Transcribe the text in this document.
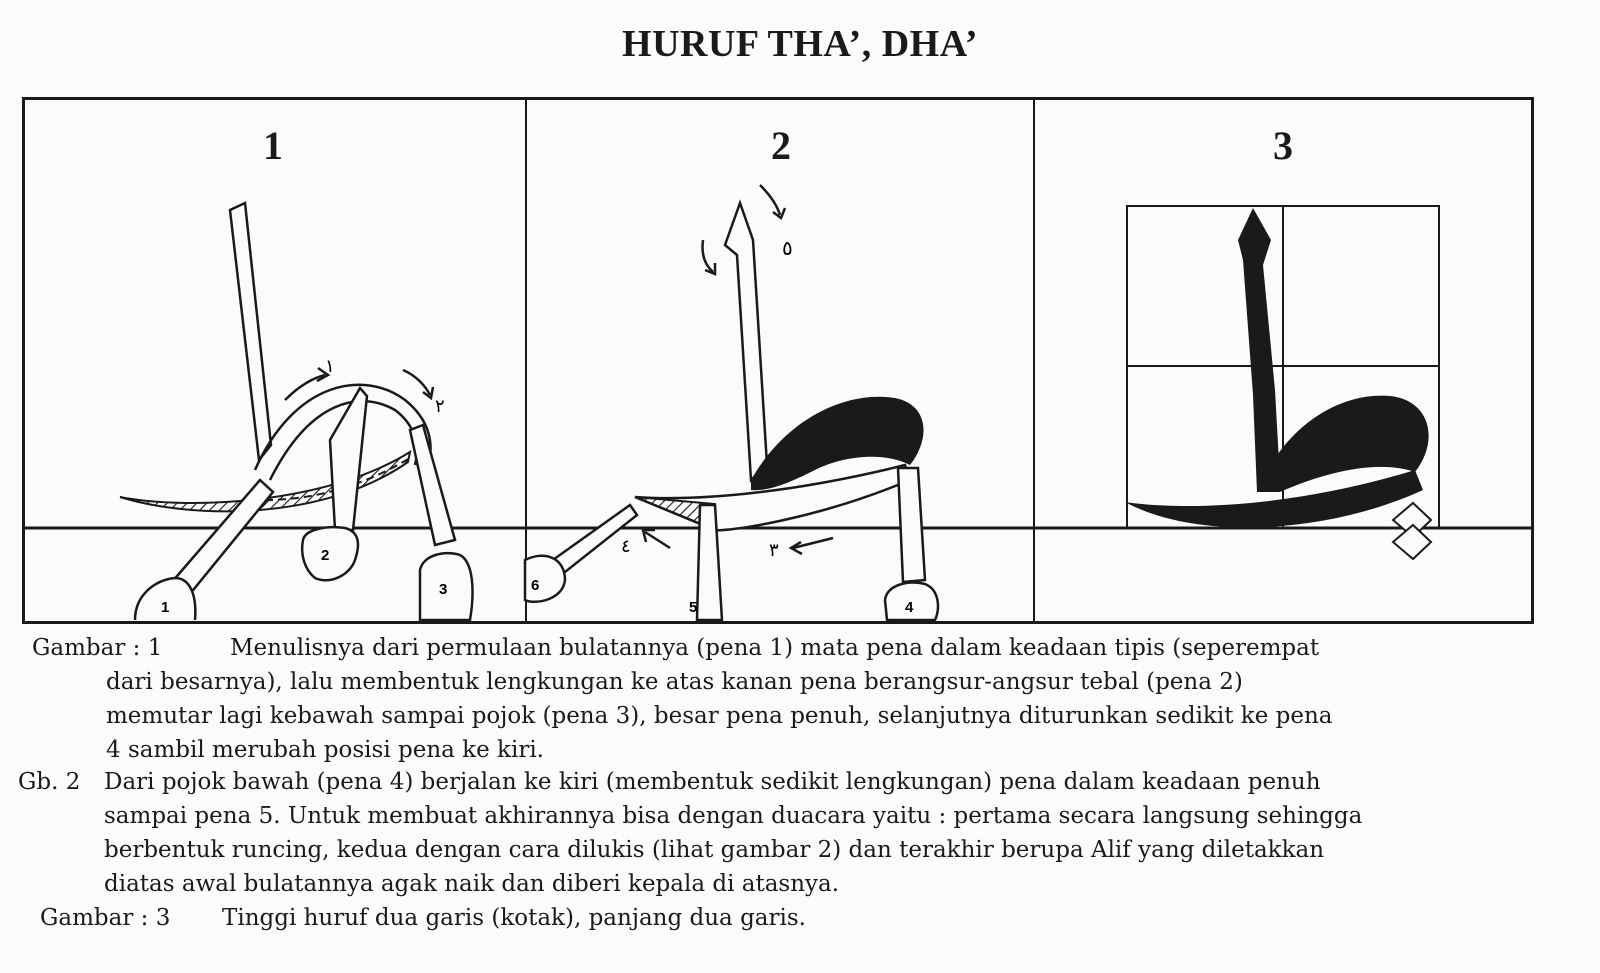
HURUF THA’, DHA’
1	2	3
1
2
3
١
٢
6
5	4
٥
٣
٤
Gambar : 1	Menulisnya dari permulaan bulatannya (pena 1) mata pena dalam keadaan tipis (seperempat
dari besarnya), lalu membentuk lengkungan ke atas kanan pena berangsur-angsur tebal (pena 2)
memutar lagi kebawah sampai pojok (pena 3), besar pena penuh, selanjutnya diturunkan sedikit ke pena
4 sambil merubah posisi pena ke kiri.
Gb. 2 Dari pojok bawah (pena 4) berjalan ke kiri (membentuk sedikit lengkungan) pena dalam keadaan penuh
sampai pena 5. Untuk membuat akhirannya bisa dengan duacara yaitu : pertama secara langsung sehingga
berbentuk runcing, kedua dengan cara dilukis (lihat gambar 2) dan terakhir berupa Alif yang diletakkan
diatas awal bulatannya agak naik dan diberi kepala di atasnya.
Gambar : 3 Tinggi huruf dua garis (kotak), panjang dua garis.
